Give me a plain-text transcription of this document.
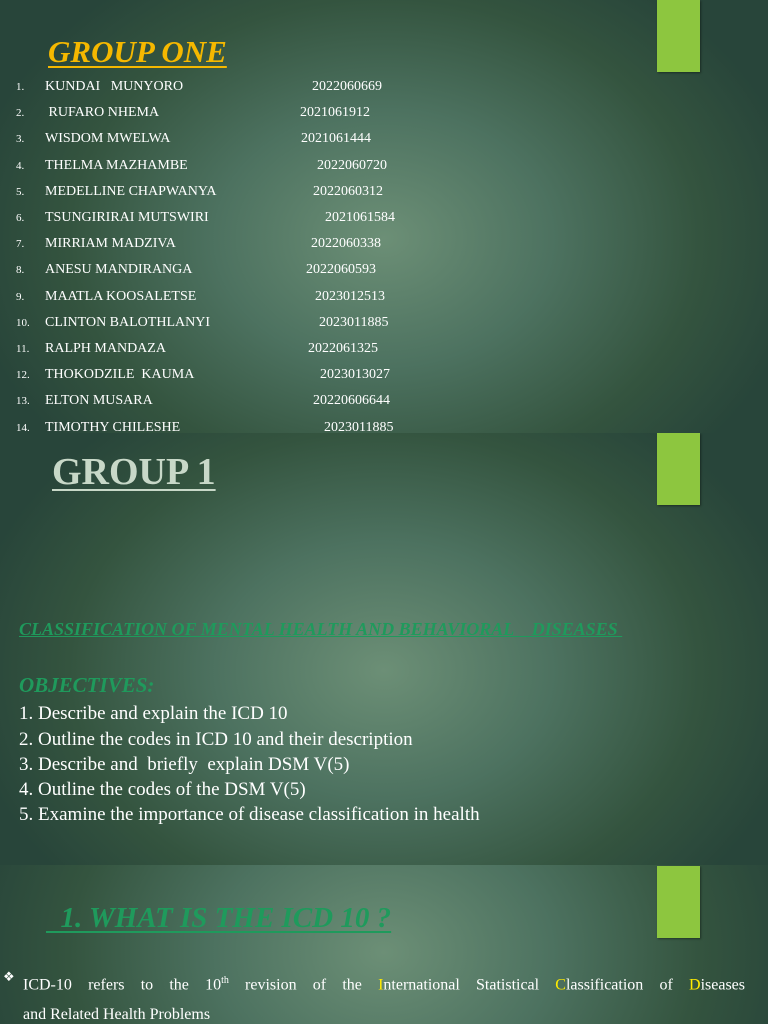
GROUP ONE
1. KUNDAI   MUNYORO	2022060669
2. RUFARO NHEMA	2021061912
3. WISDOM MWELWA	2021061444
4. THELMA MAZHAMBE	2022060720
5. MEDELLINE CHAPWANYA	2022060312
6. TSUNGIRIRAI MUTSWIRI	2021061584
7. MIRRIAM MADZIVA	2022060338
8. ANESU MANDIRANGA	2022060593
9. MAATLA KOOSALETSE	2023012513
10. CLINTON BALOTHLANYI	2023011885
11. RALPH MANDAZA	2022061325
12. THOKODZILE  KAUMA	2023013027
13. ELTON MUSARA	20220606644
14. TIMOTHY CHILESHE	2023011885
GROUP 1
CLASSIFICATION OF MENTAL HEALTH AND BEHAVIORAL    DISEASES
OBJECTIVES:
1. Describe and explain the ICD 10
2. Outline the codes in ICD 10 and their description
3. Describe and  briefly  explain DSM V(5)
4. Outline the codes of the DSM V(5)
5. Examine the importance of disease classification in health
1. WHAT IS THE ICD 10 ?
❖ ICD-10 refers to the 10th revision of the International Statistical Classification of Diseases
and Related Health Problems
